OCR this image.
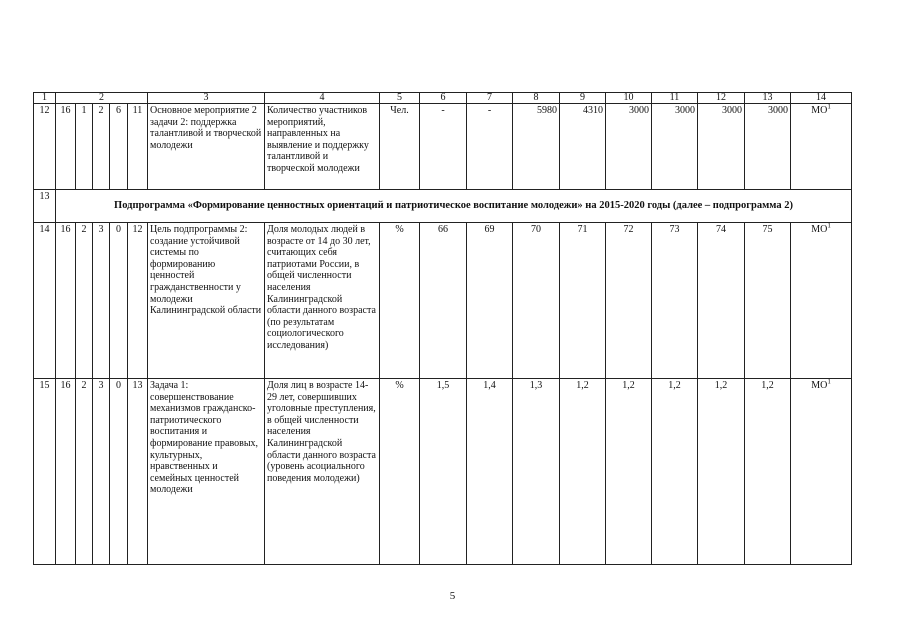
1	2					3	4	5	6	7	8	9	10	11	12	13	14
12	16	1	2	6	11	Основное мероприятие 2 задачи 2: поддержка талантливой и творческой молодежи	Количество участников мероприятий, направленных на выявление и поддержку талантливой и творческой молодежи	Чел.	-	-	5980	4310	3000	3000	3000	3000	$МО^1$
13	Подпрограмма «Формирование ценностных ориентаций и патриотическое воспитание молодежи» на 2015-2020 годы (далее – подпрограмма 2)																
14	16	2	3	0	12	Цель подпрограммы 2: создание устойчивой системы по формированию ценностей гражданственности у молодежи Калининградской области	Доля молодых людей в возрасте от 14 до 30 лет, считающих себя патриотами России, в общей численности населения Калининградской области данного возраста (по результатам социологического исследования)	%	66	69	70	71	72	73	74	75	$МО^1$
15	16	2	3	0	13	Задача 1: совершенствование механизмов гражданско-патриотического воспитания и формирование правовых, культурных, нравственных и семейных ценностей молодежи	Доля лиц в возрасте 14-29 лет, совершивших уголовные преступления, в общей численности населения Калининградской области данного возраста (уровень асоциального поведения молодежи)	%	1,5	1,4	1,3	1,2	1,2	1,2	1,2	1,2	$МО^1$
5
